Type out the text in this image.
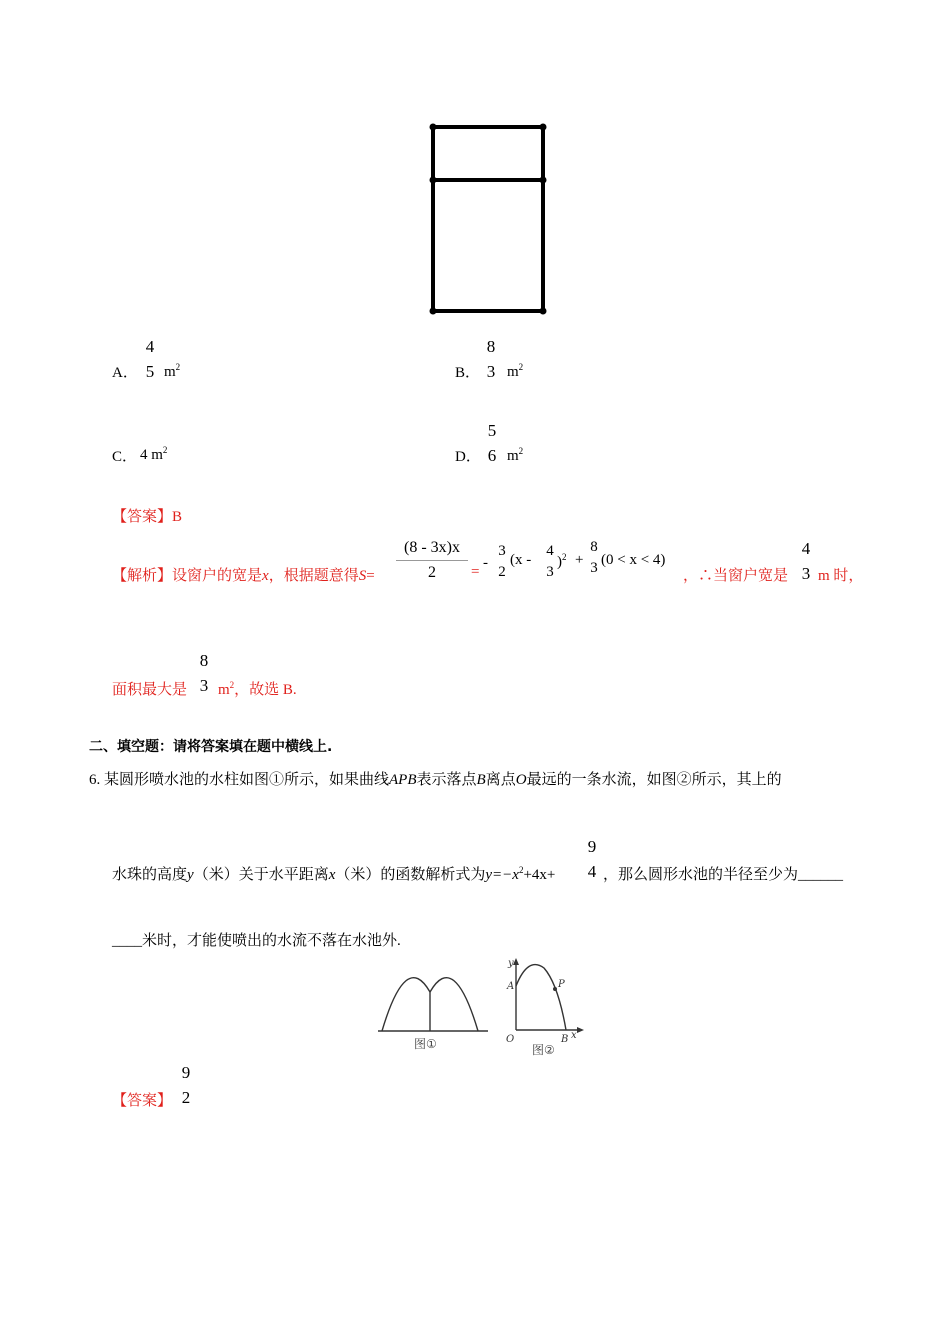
A．
4
5 $m^2$	B．
8
3 $m^2$
C． 4 $m^2$	D．
5
6 $m^2$
【答案】B
【解析】设窗户的宽是x，根据题意得$S= \frac{(8 - 3x)x}{2}$ =
-
3
2
(x -
4
3
)$^2$ +
8
3 (0 < x < 4)
，∴当窗户宽是
4
3 m 时，
面积最大是
8
3 $m^2$，故选 B.
二、填空题：请将答案填在题中横线上.
6. 某圆形喷水池的水柱如图①所示，如果曲线APB表示落点B离点O最远的一条水流，如图②所示，其上的
水珠的高度y（米）关于水平距离x（米）的函数解析式为$y=-x^2+4x+$
9
4 ，那么圆形水池的半径至少为______
____米时，才能使喷出的水流不落在水池外.
图①
y
A	P
O	B x
图②
【答案】
9
2
